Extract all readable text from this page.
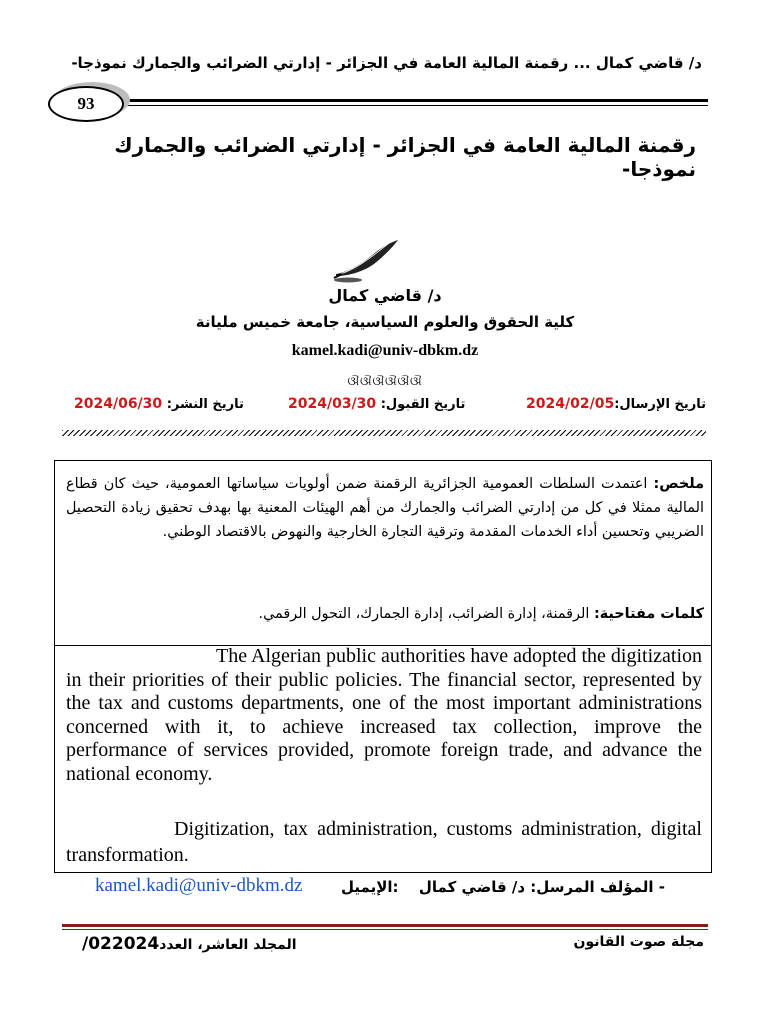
د/ قاضي كمال ... رقمنة المالية العامة في الجزائر - إدارتي الضرائب والجمارك نموذجا-
93
رقمنة المالية العامة في الجزائر - إدارتي الضرائب والجمارك نموذجا-
د/ قاضي كمال
كلية الحقوق والعلوم السياسية، جامعة خميس مليانة
kamel.kadi@univ-dbkm.dz
ଔଔଔଔଔଔ
تاريخ الإرسال:2024/02/05
تاريخ القبول: 2024/03/30
تاريخ النشر: 2024/06/30
ملخص: اعتمدت السلطات العمومية الجزائرية الرقمنة ضمن أولويات سياساتها العمومية، حيث كان قطاع المالية ممثلا في كل من إدارتي الضرائب والجمارك من أهم الهيئات المعنية بها بهدف تحقيق زيادة التحصيل الضريبي وتحسين أداء الخدمات المقدمة وترقية التجارة الخارجية والنهوض بالاقتصاد الوطني.
كلمات مفتاحية: الرقمنة، إدارة الضرائب، إدارة الجمارك، التحول الرقمي.

The Algerian public authorities have adopted the digitization in their priorities of their public policies. The financial sector, represented by the tax and customs departments, one of the most important administrations concerned with it, to achieve increased tax collection, improve the performance of services provided, promote foreign trade, and advance the national economy.

Digitization, tax administration, customs administration, digital transformation.

- المؤلف المرسل: د/ قاضي كمال
الإيميل:
kamel.kadi@univ-dbkm.dz
مجلة صوت القانون
المجلد العاشر، العدد022024/
